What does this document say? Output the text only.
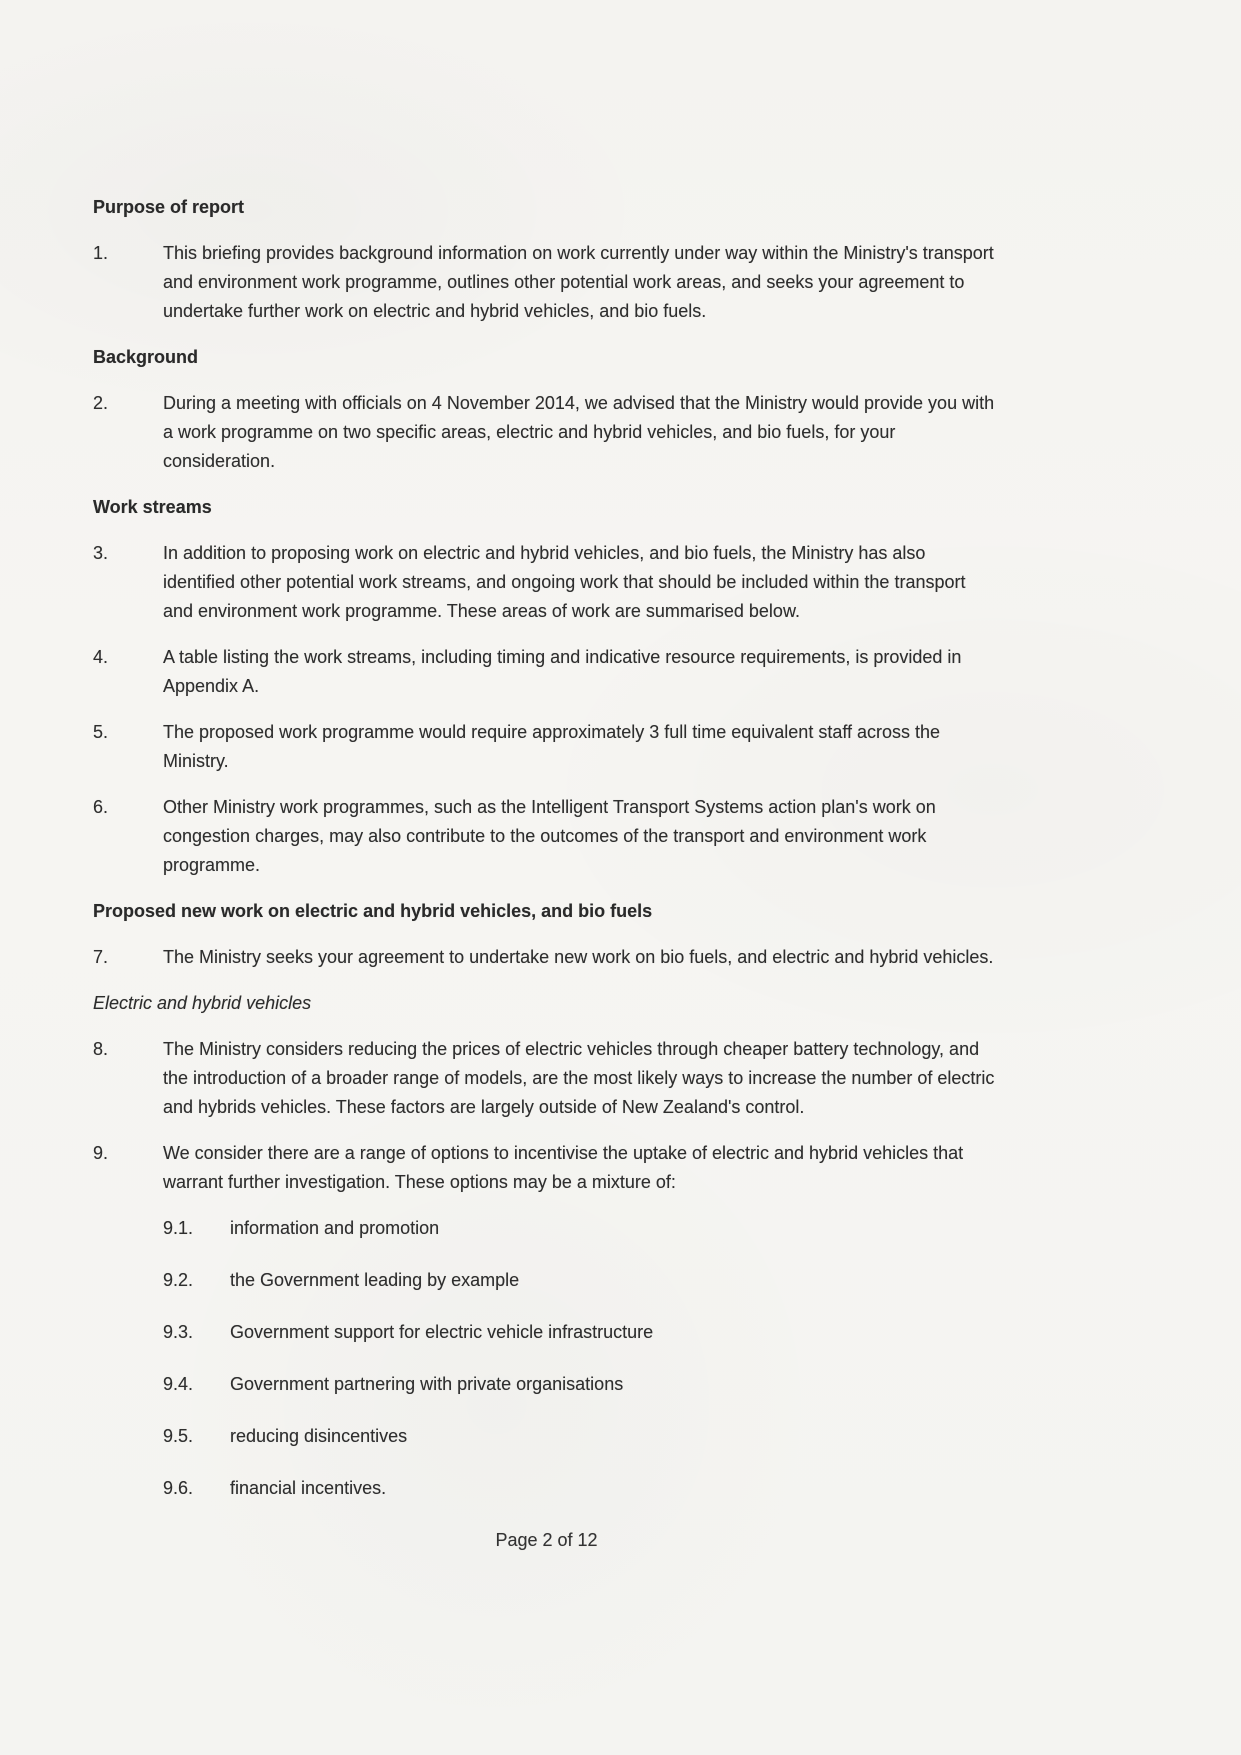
Purpose of report
1.	This briefing provides background information on work currently under way within the Ministry's transport and environment work programme, outlines other potential work areas, and seeks your agreement to undertake further work on electric and hybrid vehicles, and bio fuels.
Background
2.	During a meeting with officials on 4 November 2014, we advised that the Ministry would provide you with a work programme on two specific areas, electric and hybrid vehicles, and bio fuels, for your consideration.
Work streams
3.	In addition to proposing work on electric and hybrid vehicles, and bio fuels, the Ministry has also identified other potential work streams, and ongoing work that should be included within the transport and environment work programme. These areas of work are summarised below.
4.	A table listing the work streams, including timing and indicative resource requirements, is provided in Appendix A.
5.	The proposed work programme would require approximately 3 full time equivalent staff across the Ministry.
6.	Other Ministry work programmes, such as the Intelligent Transport Systems action plan's work on congestion charges, may also contribute to the outcomes of the transport and environment work programme.
Proposed new work on electric and hybrid vehicles, and bio fuels
7.	The Ministry seeks your agreement to undertake new work on bio fuels, and electric and hybrid vehicles.
Electric and hybrid vehicles
8.	The Ministry considers reducing the prices of electric vehicles through cheaper battery technology, and the introduction of a broader range of models, are the most likely ways to increase the number of electric and hybrids vehicles. These factors are largely outside of New Zealand's control.
9.	We consider there are a range of options to incentivise the uptake of electric and hybrid vehicles that warrant further investigation. These options may be a mixture of:
9.1.	information and promotion
9.2.	the Government leading by example
9.3.	Government support for electric vehicle infrastructure
9.4.	Government partnering with private organisations
9.5.	reducing disincentives
9.6.	financial incentives.
Page 2 of 12
